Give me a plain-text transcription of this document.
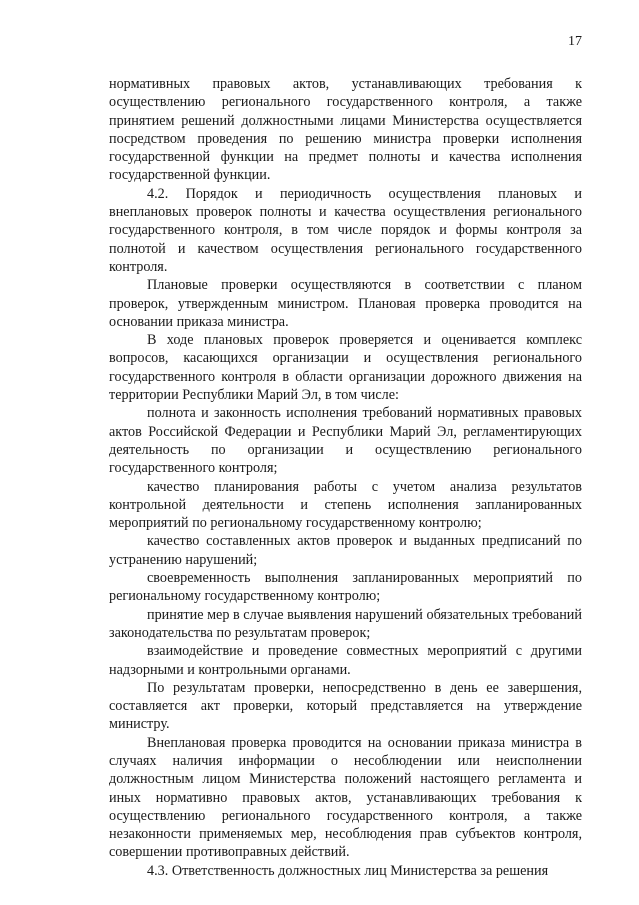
17

нормативных правовых актов, устанавливающих требования к осуществлению регионального государственного контроля, а также принятием решений должностными лицами Министерства осуществляется посредством проведения по решению министра проверки исполнения государственной функции на предмет полноты и качества исполнения государственной функции.

4.2. Порядок и периодичность осуществления плановых и внеплановых проверок полноты и качества осуществления регионального государственного контроля, в том числе порядок и формы контроля за полнотой и качеством осуществления регионального государственного контроля.

Плановые проверки осуществляются в соответствии с планом проверок, утвержденным министром. Плановая проверка проводится на основании приказа министра.

В ходе плановых проверок проверяется и оценивается комплекс вопросов, касающихся организации и осуществления регионального государственного контроля в области организации дорожного движения на территории Республики Марий Эл, в том числе:

полнота и законность исполнения требований нормативных правовых актов Российской Федерации и Республики Марий Эл, регламентирующих деятельность по организации и осуществлению регионального государственного контроля;

качество планирования работы с учетом анализа результатов контрольной деятельности и степень исполнения запланированных мероприятий по региональному государственному контролю;

качество составленных актов проверок и выданных предписаний по устранению нарушений;

своевременность выполнения запланированных мероприятий по региональному государственному контролю;

принятие мер в случае выявления нарушений обязательных требований законодательства по результатам проверок;

взаимодействие и проведение совместных мероприятий с другими надзорными и контрольными органами.

По результатам проверки, непосредственно в день ее завершения, составляется акт проверки, который представляется на утверждение министру.

Внеплановая проверка проводится на основании приказа министра в случаях наличия информации о несоблюдении или неисполнении должностным лицом Министерства положений настоящего регламента и иных нормативно правовых актов, устанавливающих требования к осуществлению регионального государственного контроля, а также незаконности применяемых мер, несоблюдения прав субъектов контроля, совершении противоправных действий.

4.3. Ответственность должностных лиц Министерства за решения
